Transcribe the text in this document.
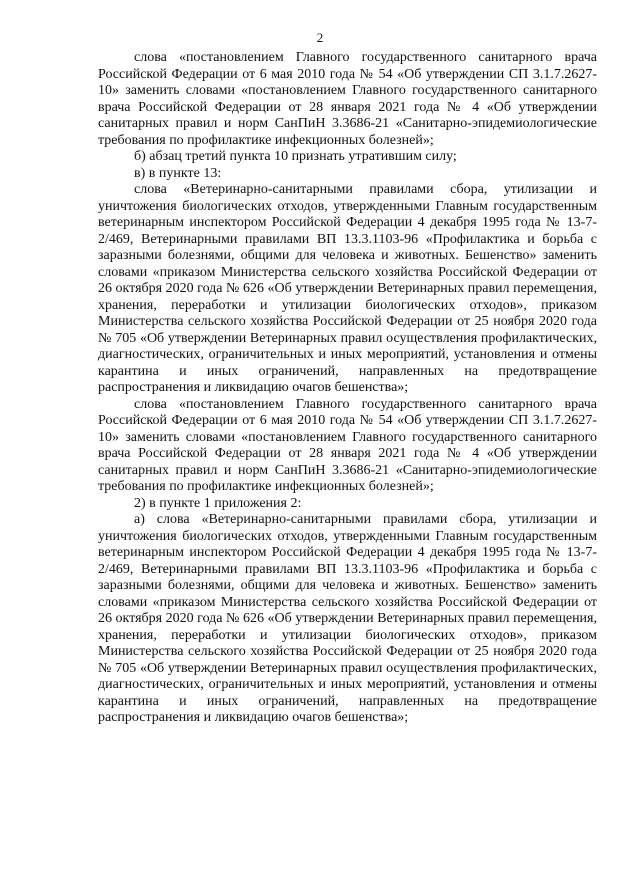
2

слова «постановлением Главного государственного санитарного врача Российской Федерации от 6 мая 2010 года № 54 «Об утверждении СП 3.1.7.2627-10» заменить словами «постановлением Главного государственного санитарного врача Российской Федерации от 28 января 2021 года № 4 «Об утверждении санитарных правил и норм СанПиН 3.3686-21 «Санитарно-эпидемиологические требования по профилактике инфекционных болезней»;

б) абзац третий пункта 10 признать утратившим силу;

в) в пункте 13:

слова «Ветеринарно-санитарными правилами сбора, утилизации и уничтожения биологических отходов, утвержденными Главным государственным ветеринарным инспектором Российской Федерации 4 декабря 1995 года № 13-7-2/469, Ветеринарными правилами ВП 13.3.1103-96 «Профилактика и борьба с заразными болезнями, общими для человека и животных. Бешенство» заменить словами «приказом Министерства сельского хозяйства Российской Федерации от 26 октября 2020 года № 626 «Об утверждении Ветеринарных правил перемещения, хранения, переработки и утилизации биологических отходов», приказом Министерства сельского хозяйства Российской Федерации от 25 ноября 2020 года № 705 «Об утверждении Ветеринарных правил осуществления профилактических, диагностических, ограничительных и иных мероприятий, установления и отмены карантина и иных ограничений, направленных на предотвращение распространения и ликвидацию очагов бешенства»;

слова «постановлением Главного государственного санитарного врача Российской Федерации от 6 мая 2010 года № 54 «Об утверждении СП 3.1.7.2627-10» заменить словами «постановлением Главного государственного санитарного врача Российской Федерации от 28 января 2021 года № 4 «Об утверждении санитарных правил и норм СанПиН 3.3686-21 «Санитарно-эпидемиологические требования по профилактике инфекционных болезней»;

2) в пункте 1 приложения 2:

а) слова «Ветеринарно-санитарными правилами сбора, утилизации и уничтожения биологических отходов, утвержденными Главным государственным ветеринарным инспектором Российской Федерации 4 декабря 1995 года № 13-7-2/469, Ветеринарными правилами ВП 13.3.1103-96 «Профилактика и борьба с заразными болезнями, общими для человека и животных. Бешенство» заменить словами «приказом Министерства сельского хозяйства Российской Федерации от 26 октября 2020 года № 626 «Об утверждении Ветеринарных правил перемещения, хранения, переработки и утилизации биологических отходов», приказом Министерства сельского хозяйства Российской Федерации от 25 ноября 2020 года № 705 «Об утверждении Ветеринарных правил осуществления профилактических, диагностических, ограничительных и иных мероприятий, установления и отмены карантина и иных ограничений, направленных на предотвращение распространения и ликвидацию очагов бешенства»;
